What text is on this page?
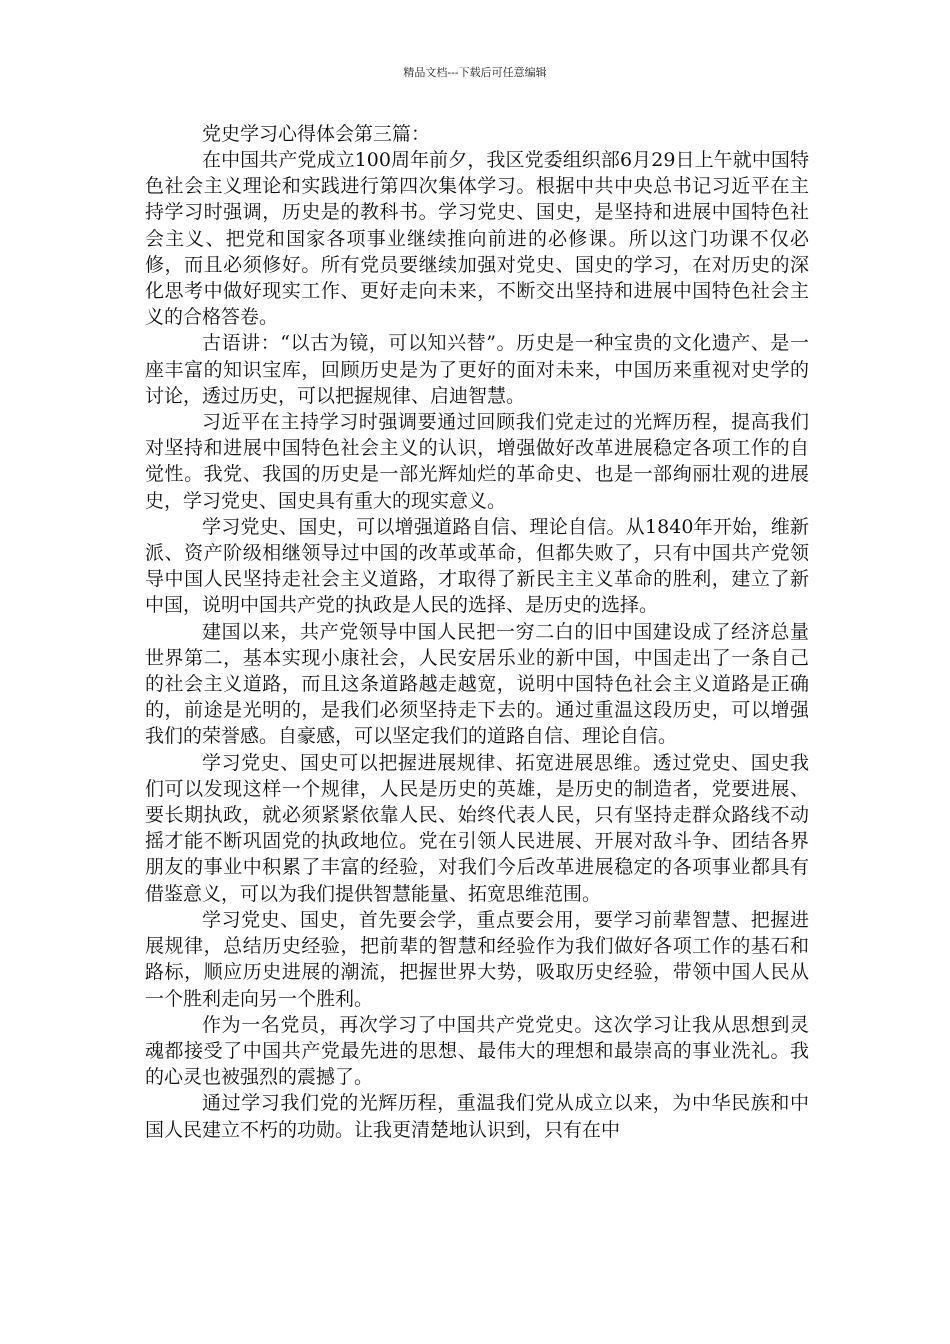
精品文档---下载后可任意编辑
党史学习心得体会第三篇：

在中国共产党成立100周年前夕，我区党委组织部6月29日上午就中国特色社会主义理论和实践进行第四次集体学习。根据中共中央总书记习近平在主持学习时强调，历史是的教科书。学习党史、国史，是坚持和进展中国特色社会主义、把党和国家各项事业继续推向前进的必修课。所以这门功课不仅必修，而且必须修好。所有党员要继续加强对党史、国史的学习，在对历史的深化思考中做好现实工作、更好走向未来，不断交出坚持和进展中国特色社会主义的合格答卷。

古语讲：“以古为镜，可以知兴替”。历史是一种宝贵的文化遗产、是一座丰富的知识宝库，回顾历史是为了更好的面对未来，中国历来重视对史学的讨论，透过历史，可以把握规律、启迪智慧。

习近平在主持学习时强调要通过回顾我们党走过的光辉历程，提高我们对坚持和进展中国特色社会主义的认识，增强做好改革进展稳定各项工作的自觉性。我党、我国的历史是一部光辉灿烂的革命史、也是一部绚丽壮观的进展史，学习党史、国史具有重大的现实意义。

学习党史、国史，可以增强道路自信、理论自信。从1840年开始，维新派、资产阶级相继领导过中国的改革或革命，但都失败了，只有中国共产党领导中国人民坚持走社会主义道路，才取得了新民主主义革命的胜利，建立了新中国，说明中国共产党的执政是人民的选择、是历史的选择。

建国以来，共产党领导中国人民把一穷二白的旧中国建设成了经济总量世界第二，基本实现小康社会，人民安居乐业的新中国，中国走出了一条自己的社会主义道路，而且这条道路越走越宽，说明中国特色社会主义道路是正确的，前途是光明的，是我们必须坚持走下去的。通过重温这段历史，可以增强我们的荣誉感。自豪感，可以坚定我们的道路自信、理论自信。

学习党史、国史可以把握进展规律、拓宽进展思维。透过党史、国史我们可以发现这样一个规律，人民是历史的英雄，是历史的制造者，党要进展、要长期执政，就必须紧紧依靠人民、始终代表人民，只有坚持走群众路线不动摇才能不断巩固党的执政地位。党在引领人民进展、开展对敌斗争、团结各界朋友的事业中积累了丰富的经验，对我们今后改革进展稳定的各项事业都具有借鉴意义，可以为我们提供智慧能量、拓宽思维范围。

学习党史、国史，首先要会学，重点要会用，要学习前辈智慧、把握进展规律，总结历史经验，把前辈的智慧和经验作为我们做好各项工作的基石和路标，顺应历史进展的潮流，把握世界大势，吸取历史经验，带领中国人民从一个胜利走向另一个胜利。

作为一名党员，再次学习了中国共产党党史。这次学习让我从思想到灵魂都接受了中国共产党最先进的思想、最伟大的理想和最崇高的事业洗礼。我的心灵也被强烈的震撼了。

通过学习我们党的光辉历程，重温我们党从成立以来，为中华民族和中国人民建立不朽的功勋。让我更清楚地认识到，只有在中
